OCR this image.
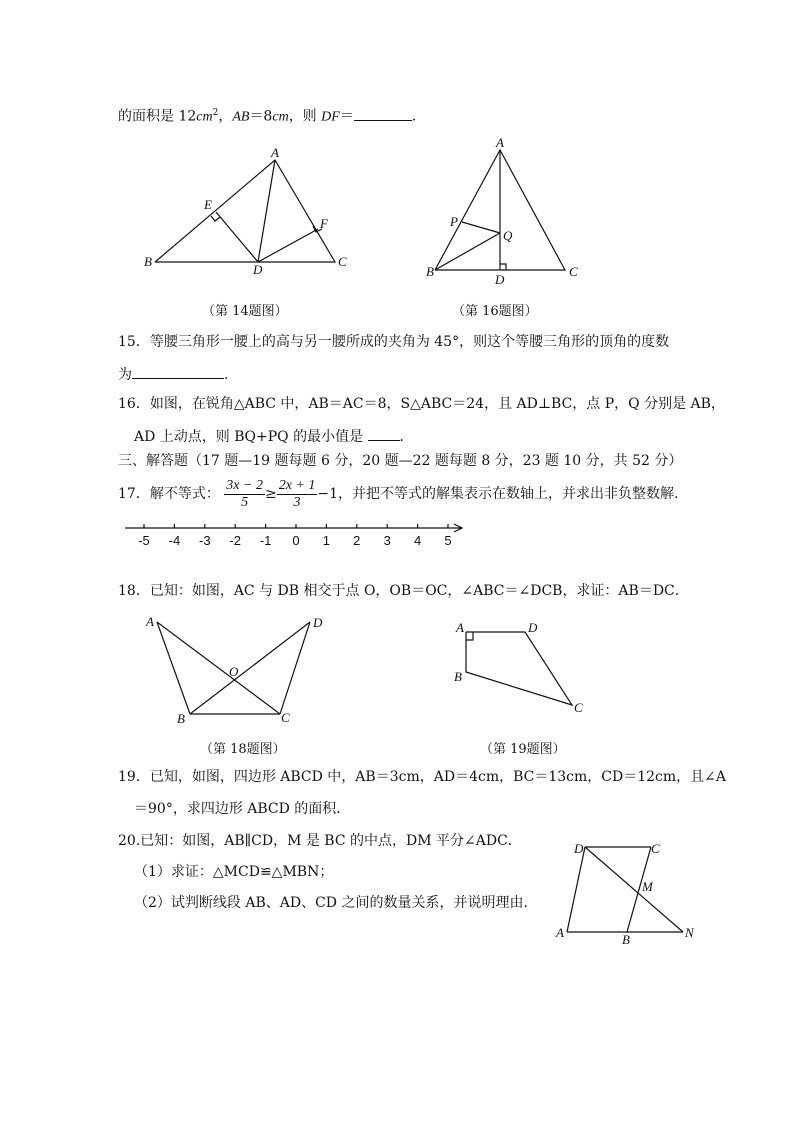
的面积是 $12cm^2$，AB＝8cm，则 DF＝	．
A
E
F
B
D
C
（第 14题图）
A
P
Q
B
D
C
（第 16题图）
15．等腰三角形一腰上的高与另一腰所成的夹角为 45°，则这个等腰三角形的顶角的度数
为	．
16．如图，在锐角△ABC 中，AB＝AC＝8，S△ABC＝24，且 AD⊥BC，点 P，Q 分别是 AB，
AD 上动点，则 BQ+PQ 的最小值是	．
三、解答题（17 题—19 题每题 6 分，20 题—22 题每题 8 分，23 题 10 分，共 52 分）
17．解不等式： $\frac{3x - 2}{5} \ge \frac{2x + 1}{3} -1$，并把不等式的解集表示在数轴上，并求出非负整数解.
-5 -4 -3 -2 -1 0 1 2 3 4 5
18．已知：如图，AC 与 DB 相交于点 O，OB＝OC，∠ABC＝∠DCB，求证：AB＝DC．
A	D
O
B	C
（第 18题图）
A	D
B
C
（第 19题图）
19．已知，如图，四边形 ABCD 中，AB＝3cm，AD＝4cm，BC＝13cm，CD＝12cm，且∠A
＝90°，求四边形 ABCD 的面积．
20.已知：如图，AB∥CD，M 是 BC 的中点，DM 平分∠ADC．
（1）求证：△MCD≌△MBN；
（2）试判断线段 AB、AD、CD 之间的数量关系，并说明理由．
D	C
M
A	B	N
